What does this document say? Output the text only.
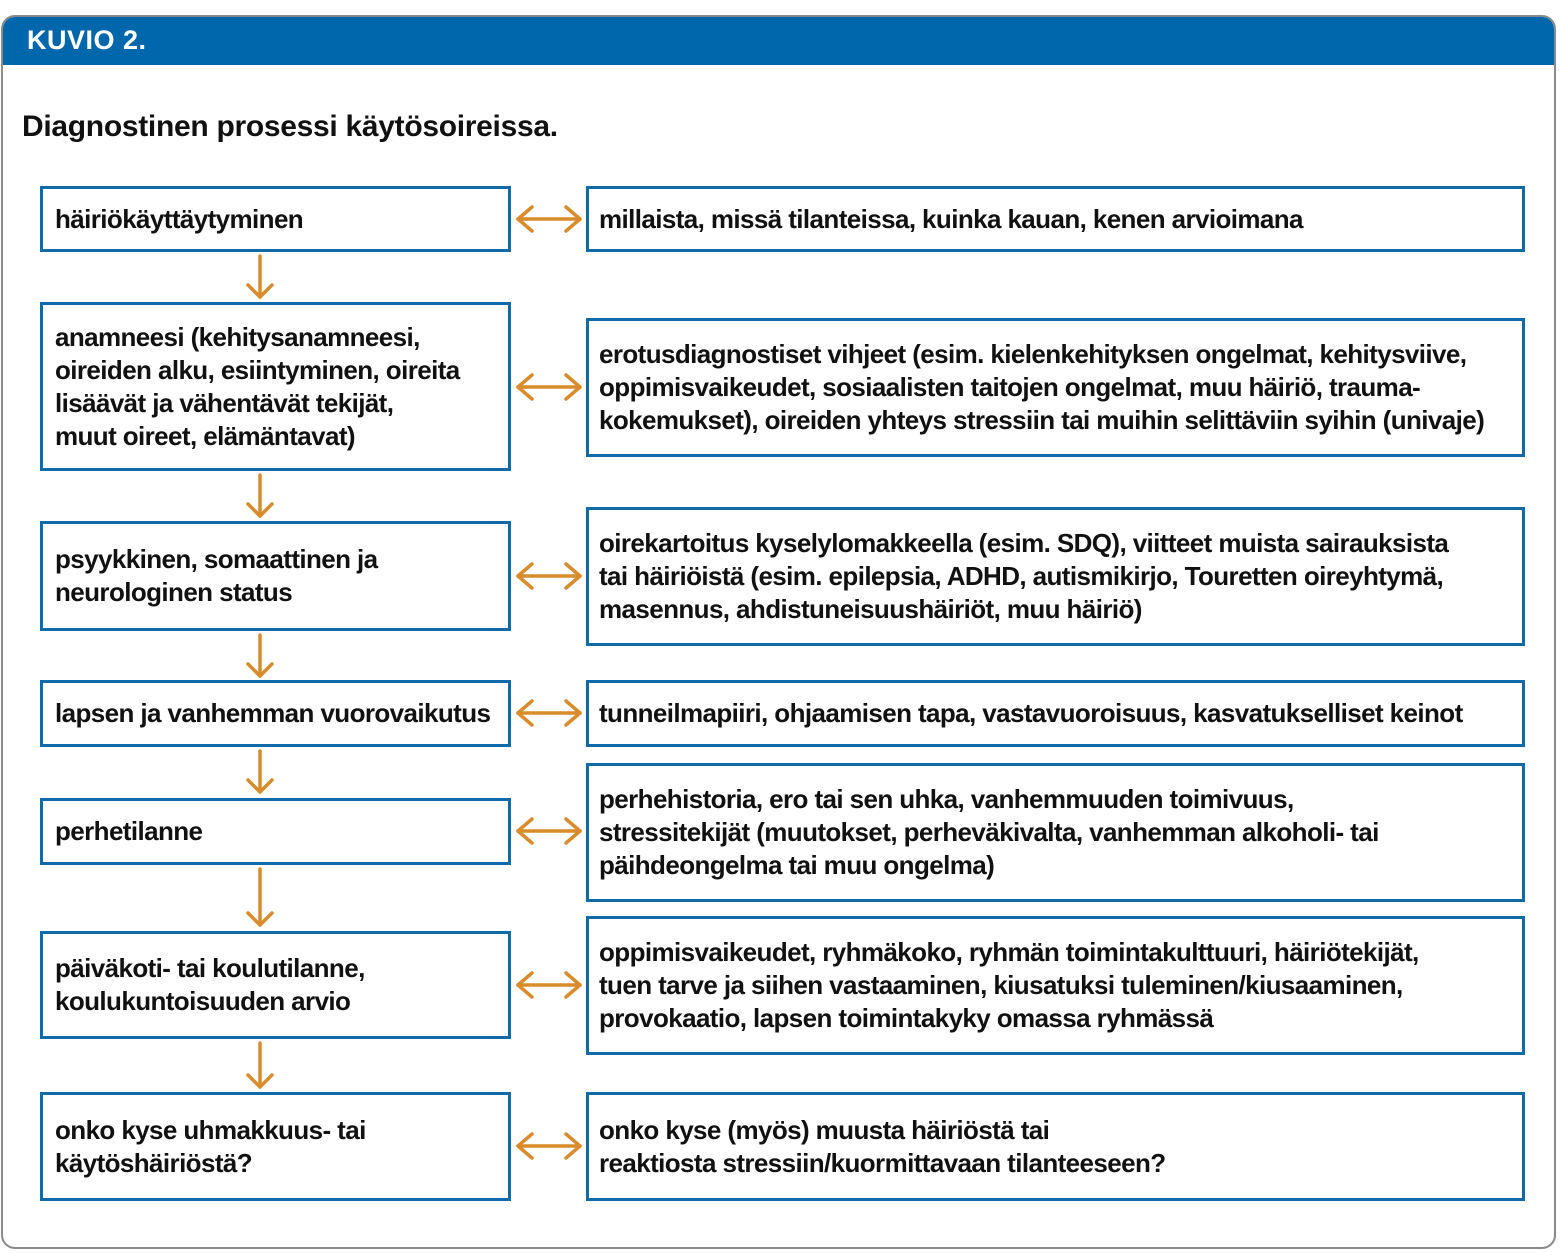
KUVIO 2.
Diagnostinen prosessi käytösoireissa.
häiriökäyttäytyminen	millaista, missä tilanteissa, kuinka kauan, kenen arvioimana
anamneesi (kehitysanamneesi,
oireiden alku, esiintyminen, oireita
lisäävät ja vähentävät tekijät,
muut oireet, elämäntavat)
erotusdiagnostiset vihjeet (esim. kielenkehityksen ongelmat, kehitysviive,
oppimisvaikeudet, sosiaalisten taitojen ongelmat, muu häiriö, trauma-
kokemukset), oireiden yhteys stressiin tai muihin selittäviin syihin (univaje)
psyykkinen, somaattinen ja
neurologinen status
oirekartoitus kyselylomakkeella (esim. SDQ), viitteet muista sairauksista
tai häiriöistä (esim. epilepsia, ADHD, autismikirjo, Touretten oireyhtymä,
masennus, ahdistuneisuushäiriöt, muu häiriö)
lapsen ja vanhemman vuorovaikutus	tunneilmapiiri, ohjaamisen tapa, vastavuoroisuus, kasvatukselliset keinot
perhetilanne
perhehistoria, ero tai sen uhka, vanhemmuuden toimivuus,
stressitekijät (muutokset, perheväkivalta, vanhemman alkoholi- tai
päihdeongelma tai muu ongelma)
päiväkoti- tai koulutilanne,
koulukuntoisuuden arvio
oppimisvaikeudet, ryhmäkoko, ryhmän toimintakulttuuri, häiriötekijät,
tuen tarve ja siihen vastaaminen, kiusatuksi tuleminen/kiusaaminen,
provokaatio, lapsen toimintakyky omassa ryhmässä
onko kyse uhmakkuus- tai
käytöshäiriöstä?
onko kyse (myös) muusta häiriöstä tai
reaktiosta stressiin/kuormittavaan tilanteeseen?
